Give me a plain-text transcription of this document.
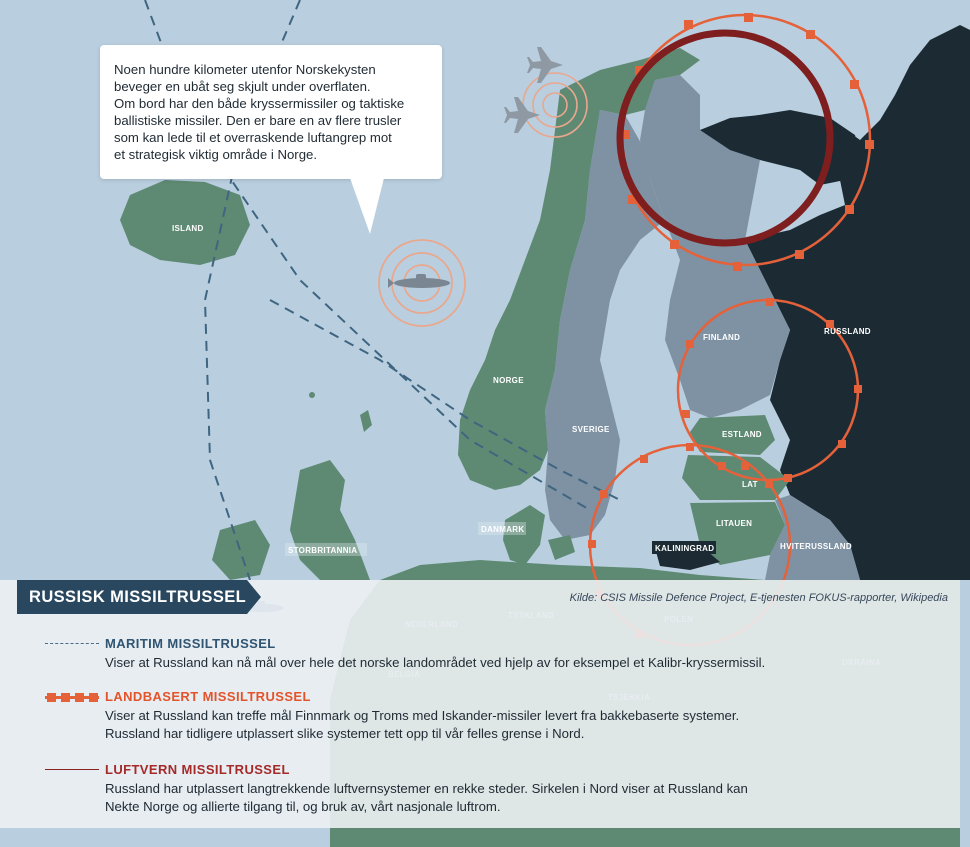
ISLAND
NORGE
SVERIGE
FINLAND
RUSSLAND
ESTLAND
LAT
LITAUEN
KALININGRAD	HVITERUSSLAND
DANMARK
STORBRITANNIA
Noen hundre kilometer utenfor Norskekysten
beveger en ubåt seg skjult under overflaten.
Om bord har den både kryssermissiler og taktiske
ballistiske missiler. Den er bare en av flere trusler
som kan lede til et overraskende luftangrep mot
et strategisk viktig område i Norge.
RUSSISK MISSILTRUSSEL	Kilde: CSIS Missile Defence Project, E-tjenesten FOKUS-rapporter, Wikipedia
MARITIM MISSILTRUSSEL
Viser at Russland kan nå mål over hele det norske landområdet ved hjelp av for eksempel et Kalibr-kryssermissil.
LANDBASERT MISSILTRUSSEL
Viser at Russland kan treffe mål Finnmark og Troms med Iskander-missiler levert fra bakkebaserte systemer.
Russland har tidligere utplassert slike systemer tett opp til vår felles grense i Nord.
LUFTVERN MISSILTRUSSEL
Russland har utplassert langtrekkende luftvernsystemer en rekke steder. Sirkelen i Nord viser at Russland kan
Nekte Norge og allierte tilgang til, og bruk av, vårt nasjonale luftrom.
